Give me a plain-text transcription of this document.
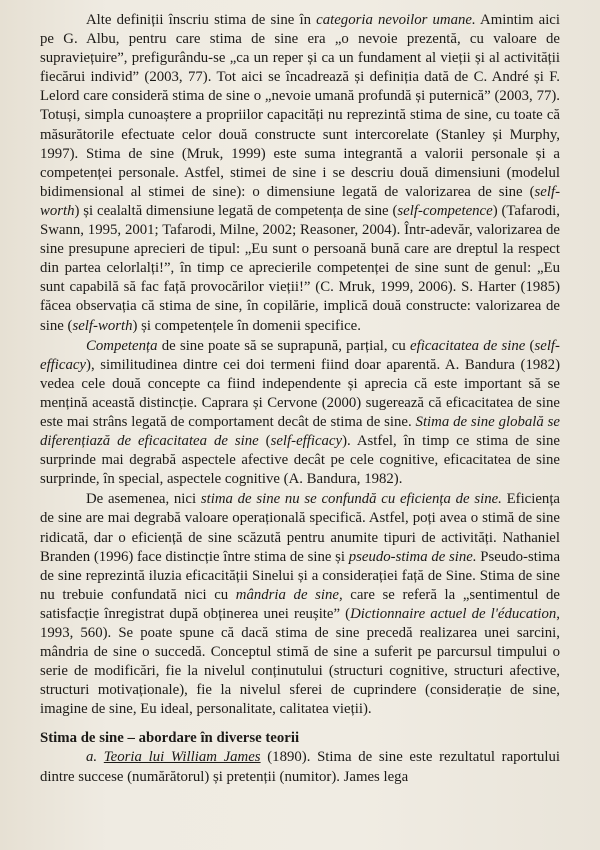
Alte definiții înscriu stima de sine în categoria nevoilor umane. Amintim aici pe G. Albu, pentru care stima de sine era „o nevoie prezentă, cu valoare de supraviețuire”, prefigurându-se „ca un reper și ca un fundament al vieții și al activității fiecărui individ” (2003, 77). Tot aici se încadrează și definiția dată de C. André și F. Lelord care consideră stima de sine o „nevoie umană profundă și puternică” (2003, 77). Totuși, simpla cunoaștere a propriilor capacități nu reprezintă stima de sine, cu toate că măsurătorile efectuate celor două constructe sunt intercorelate (Stanley și Murphy, 1997). Stima de sine (Mruk, 1999) este suma integrantă a valorii personale și a competenței personale. Astfel, stimei de sine i se descriu două dimensiuni (modelul bidimensional al stimei de sine): o dimensiune legată de valorizarea de sine (self-worth) și cealaltă dimensiune legată de competența de sine (self-competence) (Tafarodi, Swann, 1995, 2001; Tafarodi, Milne, 2002; Reasoner, 2004). Într-adevăr, valorizarea de sine presupune aprecieri de tipul: „Eu sunt o persoană bună care are dreptul la respect din partea celorlalți!”, în timp ce aprecierile competenței de sine sunt de genul: „Eu sunt capabilă să fac față provocărilor vieții!” (C. Mruk, 1999, 2006). S. Harter (1985) făcea observația că stima de sine, în copilărie, implică două constructe: valorizarea de sine (self-worth) și competențele în domenii specifice.

Competența de sine poate să se suprapună, parțial, cu eficacitatea de sine (self-efficacy), similitudinea dintre cei doi termeni fiind doar aparentă. A. Bandura (1982) vedea cele două concepte ca fiind independente și aprecia că este important să se mențină această distincție. Caprara și Cervone (2000) sugerează că eficacitatea de sine este mai strâns legată de comportament decât de stima de sine. Stima de sine globală se diferențiază de eficacitatea de sine (self-efficacy). Astfel, în timp ce stima de sine surprinde mai degrabă aspectele afective decât pe cele cognitive, eficacitatea de sine surprinde, în special, aspectele cognitive (A. Bandura, 1982).

De asemenea, nici stima de sine nu se confundă cu eficiența de sine. Eficiența de sine are mai degrabă valoare operațională specifică. Astfel, poți avea o stimă de sine ridicată, dar o eficiență de sine scăzută pentru anumite tipuri de activități. Nathaniel Branden (1996) face distincție între stima de sine și pseudo-stima de sine. Pseudo-stima de sine reprezintă iluzia eficacității Sinelui și a considerației față de Sine. Stima de sine nu trebuie confundată nici cu mândria de sine, care se referă la „sentimentul de satisfacție înregistrat după obținerea unei reușite” (Dictionnaire actuel de l'éducation, 1993, 560). Se poate spune că dacă stima de sine precedă realizarea unei sarcini, mândria de sine o succedă. Conceptul stimă de sine a suferit pe parcursul timpului o serie de modificări, fie la nivelul conținutului (structuri cognitive, structuri afective, structuri motivaționale), fie la nivelul sferei de cuprindere (considerație de sine, imagine de sine, Eu ideal, personalitate, calitatea vieții).

Stima de sine – abordare în diverse teorii

a. Teoria lui William James (1890). Stima de sine este rezultatul raportului dintre succese (numărătorul) și pretenții (numitor). James lega
